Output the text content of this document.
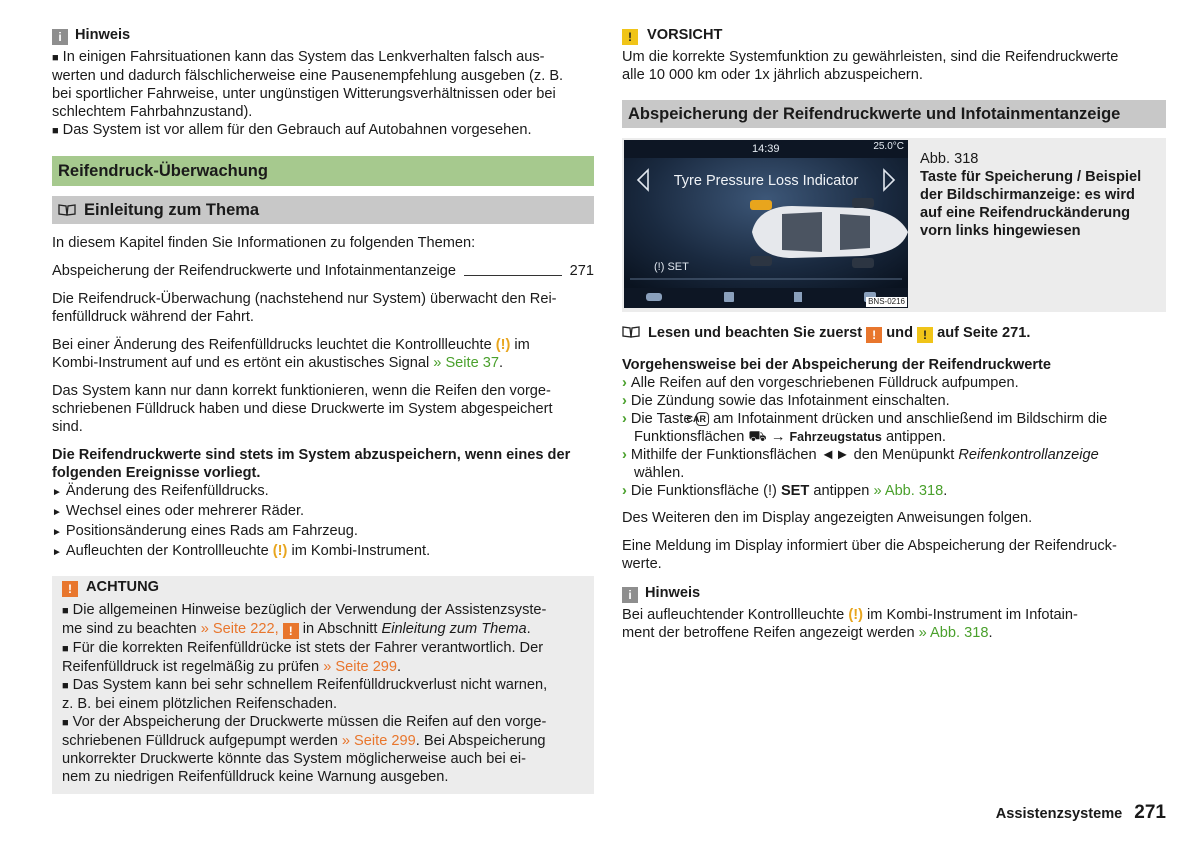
i Hinweis

■ In einigen Fahrsituationen kann das System das Lenkverhalten falsch aus-

werten und dadurch fälschlicherweise eine Pausenempfehlung ausgeben (z. B.

bei sportlicher Fahrweise, unter ungünstigen Witterungsverhältnissen oder bei

schlechtem Fahrbahnzustand).

■ Das System ist vor allem für den Gebrauch auf Autobahnen vorgesehen.

Reifendruck-Überwachung
Einleitung zum Thema

In diesem Kapitel finden Sie Informationen zu folgenden Themen:

Abspeicherung der Reifendruckwerte und Infotainmentanzeige	271

Die Reifendruck-Überwachung (nachstehend nur System) überwacht den Rei-

fenfülldruck während der Fahrt.

Bei einer Änderung des Reifenfülldrucks leuchtet die Kontrollleuchte (!) im

Kombi-Instrument auf und es ertönt ein akustisches Signal » Seite 37.

Das System kann nur dann korrekt funktionieren, wenn die Reifen den vorge-

schriebenen Fülldruck haben und diese Druckwerte im System abgespeichert

sind.

Die Reifendruckwerte sind stets im System abzuspeichern, wenn eines der

folgenden Ereignisse vorliegt.

► Änderung des Reifenfülldrucks.

► Wechsel eines oder mehrerer Räder.

► Positionsänderung eines Rads am Fahrzeug.

► Aufleuchten der Kontrollleuchte (!) im Kombi-Instrument.

! ACHTUNG

■ Die allgemeinen Hinweise bezüglich der Verwendung der Assistenzsyste-

me sind zu beachten » Seite 222, ! in Abschnitt Einleitung zum Thema.

■ Für die korrekten Reifenfülldrücke ist stets der Fahrer verantwortlich. Der

Reifenfülldruck ist regelmäßig zu prüfen » Seite 299.

■ Das System kann bei sehr schnellem Reifenfülldruckverlust nicht warnen,

z. B. bei einem plötzlichen Reifenschaden.

■ Vor der Abspeicherung der Druckwerte müssen die Reifen auf den vorge-

schriebenen Fülldruck aufgepumpt werden » Seite 299. Bei Abspeicherung

unkorrekter Druckwerte könnte das System möglicherweise auch bei ei-

nem zu niedrigen Reifenfülldruck keine Warnung ausgeben.

! VORSICHT

Um die korrekte Systemfunktion zu gewährleisten, sind die Reifendruckwerte

alle 10 000 km oder 1x jährlich abzuspeichern.

Abspeicherung der Reifendruckwerte und Infotainmentanzeige
14:39	25.0°C
Tyre Pressure Loss Indicator
(!) SET
BNS-0216

Abb. 318

Taste für Speicherung / Beispiel

der Bildschirmanzeige: es wird

auf eine Reifendruckänderung

vorn links hingewiesen

Lesen und beachten Sie zuerst ! und ! auf Seite 271.

Vorgehensweise bei der Abspeicherung der Reifendruckwerte

› Alle Reifen auf den vorgeschriebenen Fülldruck aufpumpen.

› Die Zündung sowie das Infotainment einschalten.

› Die Taste CAR am Infotainment drücken und anschließend im Bildschirm die
Funktionsflächen ⛟ → Fahrzeugstatus antippen.

› Mithilfe der Funktionsflächen ◄► den Menüpunkt Reifenkontrollanzeige
wählen.

› Die Funktionsfläche (!) SET antippen » Abb. 318.

Des Weiteren den im Display angezeigten Anweisungen folgen.

Eine Meldung im Display informiert über die Abspeicherung der Reifendruck-

werte.

i Hinweis

Bei aufleuchtender Kontrollleuchte (!) im Kombi-Instrument im Infotain-

ment der betroffene Reifen angezeigt werden » Abb. 318.

Assistenzsysteme 271
